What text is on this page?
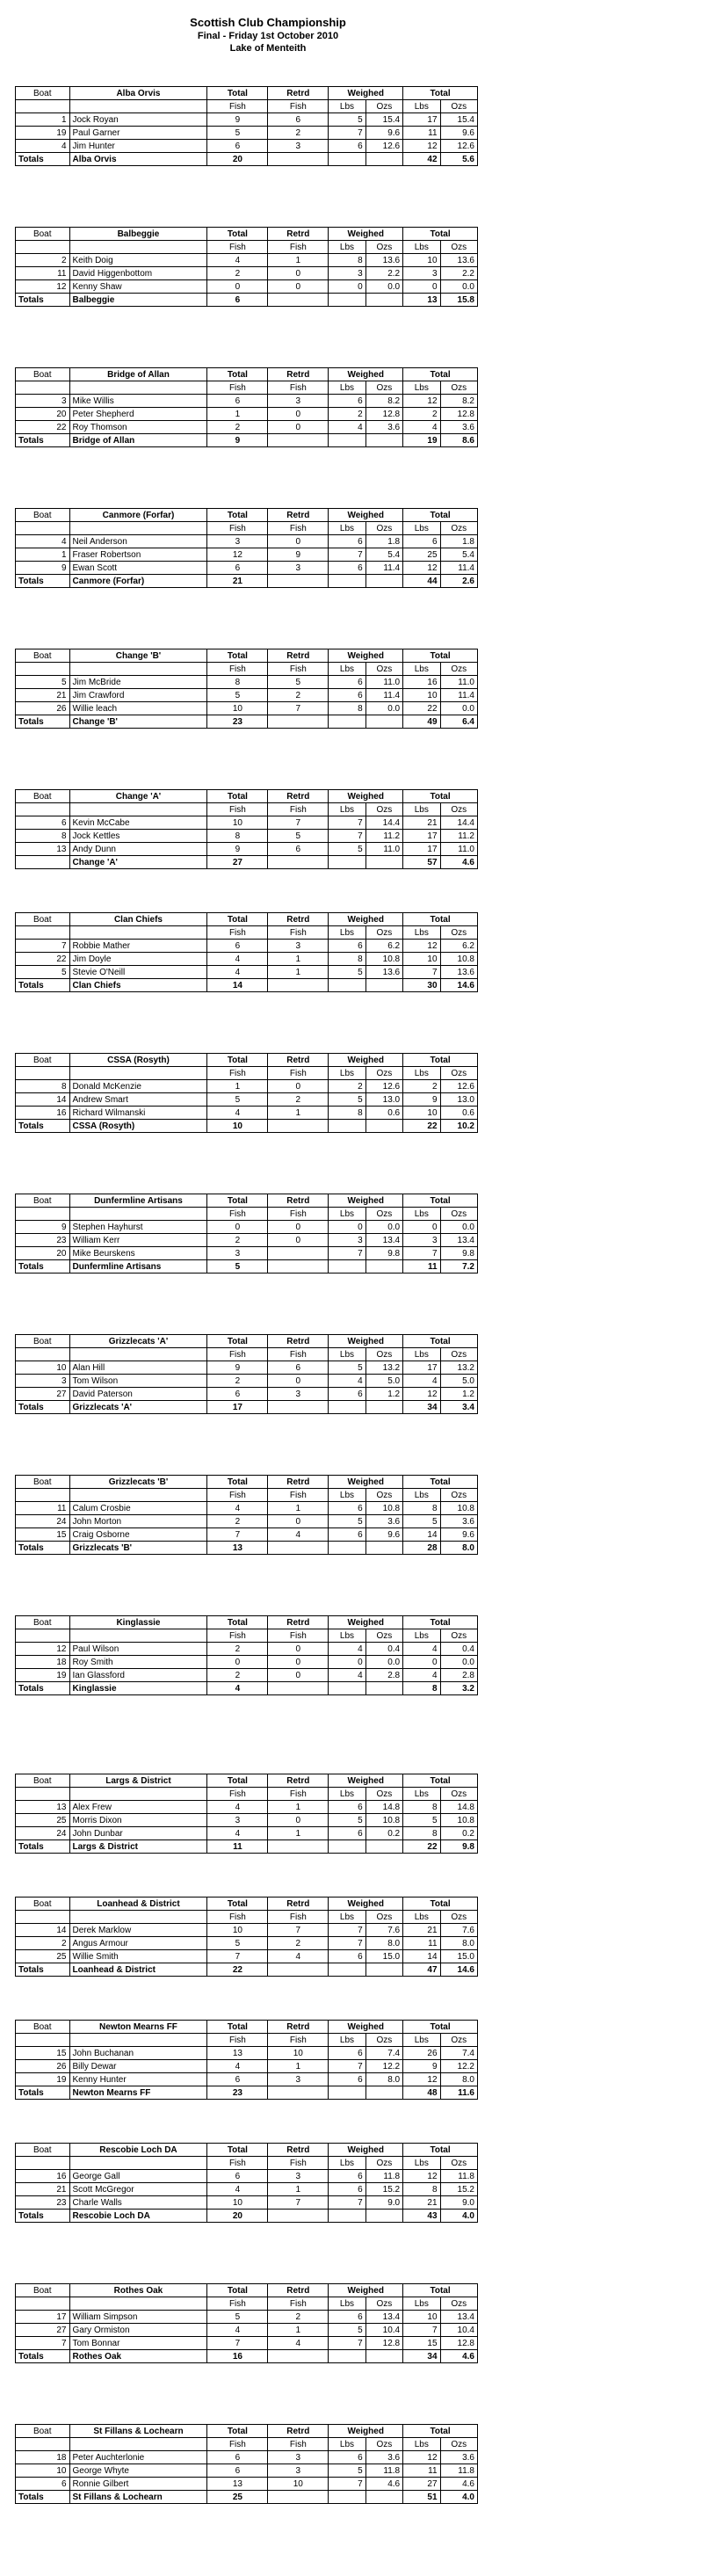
Scottish Club Championship
Final - Friday 1st October 2010
Lake of Menteith
Boat	Alba Orvis	Total	Retrd	Weighed		Total	
		Fish	Fish	Lbs	Ozs	Lbs	Ozs
1	Jock Royan	9	6	5	15.4	17	15.4
19	Paul Garner	5	2	7	9.6	11	9.6
4	Jim Hunter	6	3	6	12.6	12	12.6
Totals	Alba Orvis	20				42	5.6
Boat	Balbeggie	Total	Retrd	Weighed		Total	
		Fish	Fish	Lbs	Ozs	Lbs	Ozs
2	Keith Doig	4	1	8	13.6	10	13.6
11	David Higgenbottom	2	0	3	2.2	3	2.2
12	Kenny Shaw	0	0	0	0.0	0	0.0
Totals	Balbeggie	6				13	15.8
Boat	Bridge of Allan	Total	Retrd	Weighed		Total	
		Fish	Fish	Lbs	Ozs	Lbs	Ozs
3	Mike Willis	6	3	6	8.2	12	8.2
20	Peter Shepherd	1	0	2	12.8	2	12.8
22	Roy Thomson	2	0	4	3.6	4	3.6
Totals	Bridge of Allan	9				19	8.6
Boat	Canmore (Forfar)	Total	Retrd	Weighed		Total	
		Fish	Fish	Lbs	Ozs	Lbs	Ozs
4	Neil Anderson	3	0	6	1.8	6	1.8
1	Fraser Robertson	12	9	7	5.4	25	5.4
9	Ewan Scott	6	3	6	11.4	12	11.4
Totals	Canmore (Forfar)	21				44	2.6
Boat	Change 'B'	Total	Retrd	Weighed		Total	
		Fish	Fish	Lbs	Ozs	Lbs	Ozs
5	Jim McBride	8	5	6	11.0	16	11.0
21	Jim Crawford	5	2	6	11.4	10	11.4
26	Willie leach	10	7	8	0.0	22	0.0
Totals	Change 'B'	23				49	6.4
Boat	Change 'A'	Total	Retrd	Weighed		Total	
		Fish	Fish	Lbs	Ozs	Lbs	Ozs
6	Kevin McCabe	10	7	7	14.4	21	14.4
8	Jock Kettles	8	5	7	11.2	17	11.2
13	Andy Dunn	9	6	5	11.0	17	11.0
	Change 'A'	27				57	4.6
Boat	Clan Chiefs	Total	Retrd	Weighed		Total	
		Fish	Fish	Lbs	Ozs	Lbs	Ozs
7	Robbie Mather	6	3	6	6.2	12	6.2
22	Jim Doyle	4	1	8	10.8	10	10.8
5	Stevie O'Neill	4	1	5	13.6	7	13.6
Totals	Clan Chiefs	14				30	14.6
Boat	CSSA (Rosyth)	Total	Retrd	Weighed		Total	
		Fish	Fish	Lbs	Ozs	Lbs	Ozs
8	Donald McKenzie	1	0	2	12.6	2	12.6
14	Andrew Smart	5	2	5	13.0	9	13.0
16	Richard Wilmanski	4	1	8	0.6	10	0.6
Totals	CSSA (Rosyth)	10				22	10.2
Boat	Dunfermline Artisans	Total	Retrd	Weighed		Total	
		Fish	Fish	Lbs	Ozs	Lbs	Ozs
9	Stephen Hayhurst	0	0	0	0.0	0	0.0
23	William Kerr	2	0	3	13.4	3	13.4
20	Mike Beurskens	3		7	9.8	7	9.8
Totals	Dunfermline Artisans	5				11	7.2
Boat	Grizzlecats 'A'	Total	Retrd	Weighed		Total	
		Fish	Fish	Lbs	Ozs	Lbs	Ozs
10	Alan Hill	9	6	5	13.2	17	13.2
3	Tom Wilson	2	0	4	5.0	4	5.0
27	David Paterson	6	3	6	1.2	12	1.2
Totals	Grizzlecats 'A'	17				34	3.4
Boat	Grizzlecats 'B'	Total	Retrd	Weighed		Total	
		Fish	Fish	Lbs	Ozs	Lbs	Ozs
11	Calum Crosbie	4	1	6	10.8	8	10.8
24	John Morton	2	0	5	3.6	5	3.6
15	Craig Osborne	7	4	6	9.6	14	9.6
Totals	Grizzlecats 'B'	13				28	8.0
Boat	Kinglassie	Total	Retrd	Weighed		Total	
		Fish	Fish	Lbs	Ozs	Lbs	Ozs
12	Paul Wilson	2	0	4	0.4	4	0.4
18	Roy Smith	0	0	0	0.0	0	0.0
19	Ian Glassford	2	0	4	2.8	4	2.8
Totals	Kinglassie	4				8	3.2
Boat	Largs & District	Total	Retrd	Weighed		Total	
		Fish	Fish	Lbs	Ozs	Lbs	Ozs
13	Alex Frew	4	1	6	14.8	8	14.8
25	Morris Dixon	3	0	5	10.8	5	10.8
24	John Dunbar	4	1	6	0.2	8	0.2
Totals	Largs & District	11				22	9.8
Boat	Loanhead & District	Total	Retrd	Weighed		Total	
		Fish	Fish	Lbs	Ozs	Lbs	Ozs
14	Derek Marklow	10	7	7	7.6	21	7.6
2	Angus Armour	5	2	7	8.0	11	8.0
25	Willie Smith	7	4	6	15.0	14	15.0
Totals	Loanhead & District	22				47	14.6
Boat	Newton Mearns FF	Total	Retrd	Weighed		Total	
		Fish	Fish	Lbs	Ozs	Lbs	Ozs
15	John Buchanan	13	10	6	7.4	26	7.4
26	Billy Dewar	4	1	7	12.2	9	12.2
19	Kenny Hunter	6	3	6	8.0	12	8.0
Totals	Newton Mearns FF	23				48	11.6
Boat	Rescobie Loch DA	Total	Retrd	Weighed		Total	
		Fish	Fish	Lbs	Ozs	Lbs	Ozs
16	George Gall	6	3	6	11.8	12	11.8
21	Scott McGregor	4	1	6	15.2	8	15.2
23	Charle Walls	10	7	7	9.0	21	9.0
Totals	Rescobie Loch DA	20				43	4.0
Boat	Rothes Oak	Total	Retrd	Weighed		Total	
		Fish	Fish	Lbs	Ozs	Lbs	Ozs
17	William Simpson	5	2	6	13.4	10	13.4
27	Gary Ormiston	4	1	5	10.4	7	10.4
7	Tom Bonnar	7	4	7	12.8	15	12.8
Totals	Rothes Oak	16				34	4.6
Boat	St Fillans & Lochearn	Total	Retrd	Weighed		Total	
		Fish	Fish	Lbs	Ozs	Lbs	Ozs
18	Peter Auchterlonie	6	3	6	3.6	12	3.6
10	George Whyte	6	3	5	11.8	11	11.8
6	Ronnie Gilbert	13	10	7	4.6	27	4.6
Totals	St Fillans & Lochearn	25				51	4.0
